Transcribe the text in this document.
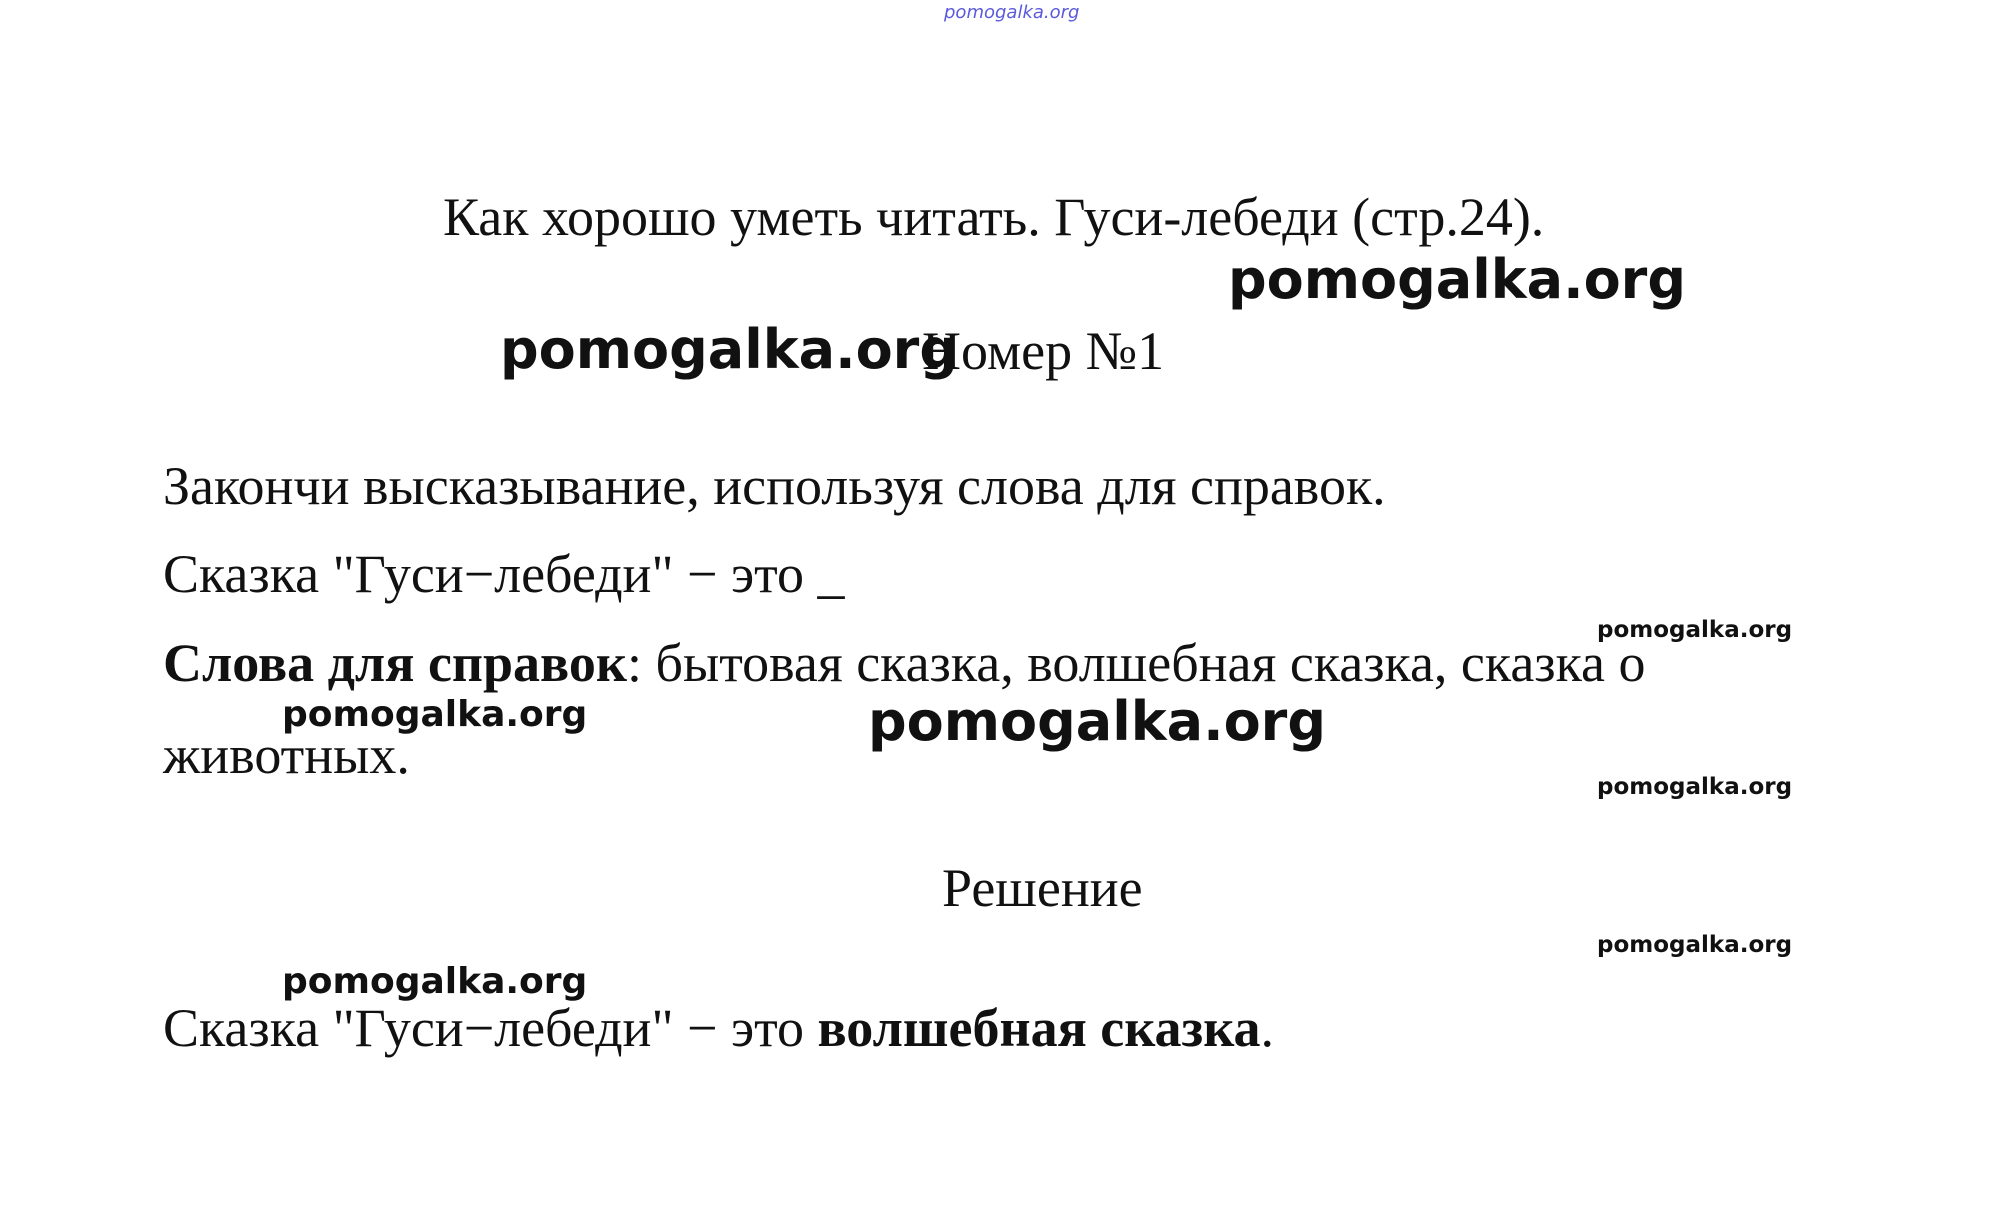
pomogalka.org
Как хорошо уметь читать. Гуси-лебеди (стр.24).
pomogalka.org
pomogalka.org
Номер №1
Закончи высказывание, используя слова для справок.
Сказка "Гуси−лебеди" − это _
pomogalka.org
Слова для справок: бытовая сказка, волшебная сказка, сказка о
животных.
pomogalka.org	pomogalka.org
pomogalka.org
Решение
pomogalka.org
pomogalka.org
Сказка "Гуси−лебеди" − это волшебная сказка.
